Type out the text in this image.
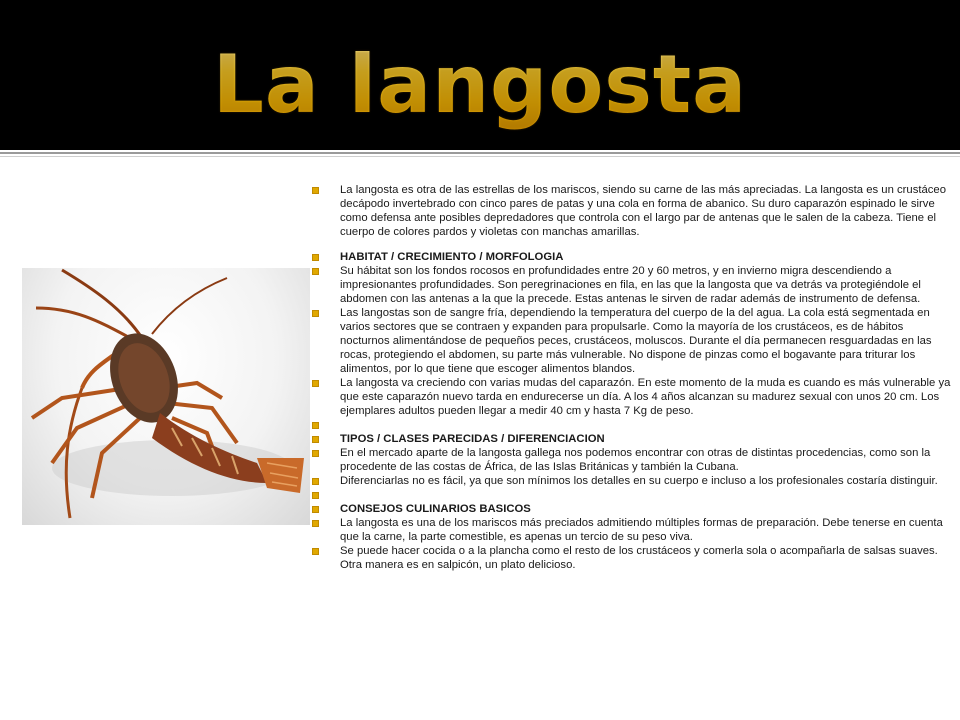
La langosta
La langosta es otra de las estrellas de los mariscos, siendo su carne de las más apreciadas. La langosta es un crustáceo decápodo invertebrado con cinco pares de patas y una cola en forma de abanico. Su duro caparazón espinado le sirve como defensa ante posibles depredadores que controla con el largo par de antenas que le salen de la cabeza. Tiene el cuerpo de colores pardos y violetas con manchas amarillas.
HABITAT / CRECIMIENTO / MORFOLOGIA
Su hábitat son los fondos rocosos en profundidades entre 20 y 60 metros, y en invierno migra descendiendo a impresionantes profundidades. Son peregrinaciones en fila, en las que la langosta que va detrás va protegiéndole el abdomen con las antenas a la que la precede. Estas antenas le sirven de radar además de instrumento de defensa.
Las langostas son de sangre fría, dependiendo la temperatura del cuerpo de la del agua. La cola está segmentada en varios sectores que se contraen y expanden para propulsarle. Como la mayoría de los crustáceos, es de hábitos nocturnos alimentándose de pequeños peces, crustáceos, moluscos. Durante el día permanecen resguardadas en las rocas, protegiendo el abdomen, su parte más vulnerable. No dispone de pinzas como el bogavante para triturar los alimentos, por lo que tiene que escoger alimentos blandos.
La langosta va creciendo con varias mudas del caparazón. En este momento de la muda es cuando es más vulnerable ya que este caparazón nuevo tarda en endurecerse un día. A los 4 años alcanzan su madurez sexual con unos 20 cm. Los ejemplares adultos pueden llegar a medir 40 cm y hasta 7 Kg de peso.
TIPOS / CLASES PARECIDAS / DIFERENCIACION
En el mercado aparte de la langosta gallega nos podemos encontrar con otras de distintas procedencias, como son la procedente de las costas de África, de las Islas Británicas y también la Cubana.
Diferenciarlas no es fácil, ya que son mínimos los detalles en su cuerpo e incluso a los profesionales costaría distinguir.
CONSEJOS CULINARIOS BASICOS
La langosta es una de los mariscos más preciados admitiendo múltiples formas de preparación. Debe tenerse en cuenta que la carne, la parte comestible, es apenas un tercio de su peso viva.
Se puede hacer cocida o a la plancha como el resto de los crustáceos y comerla sola o acompañarla de salsas suaves. Otra manera es en salpicón, un plato delicioso.
